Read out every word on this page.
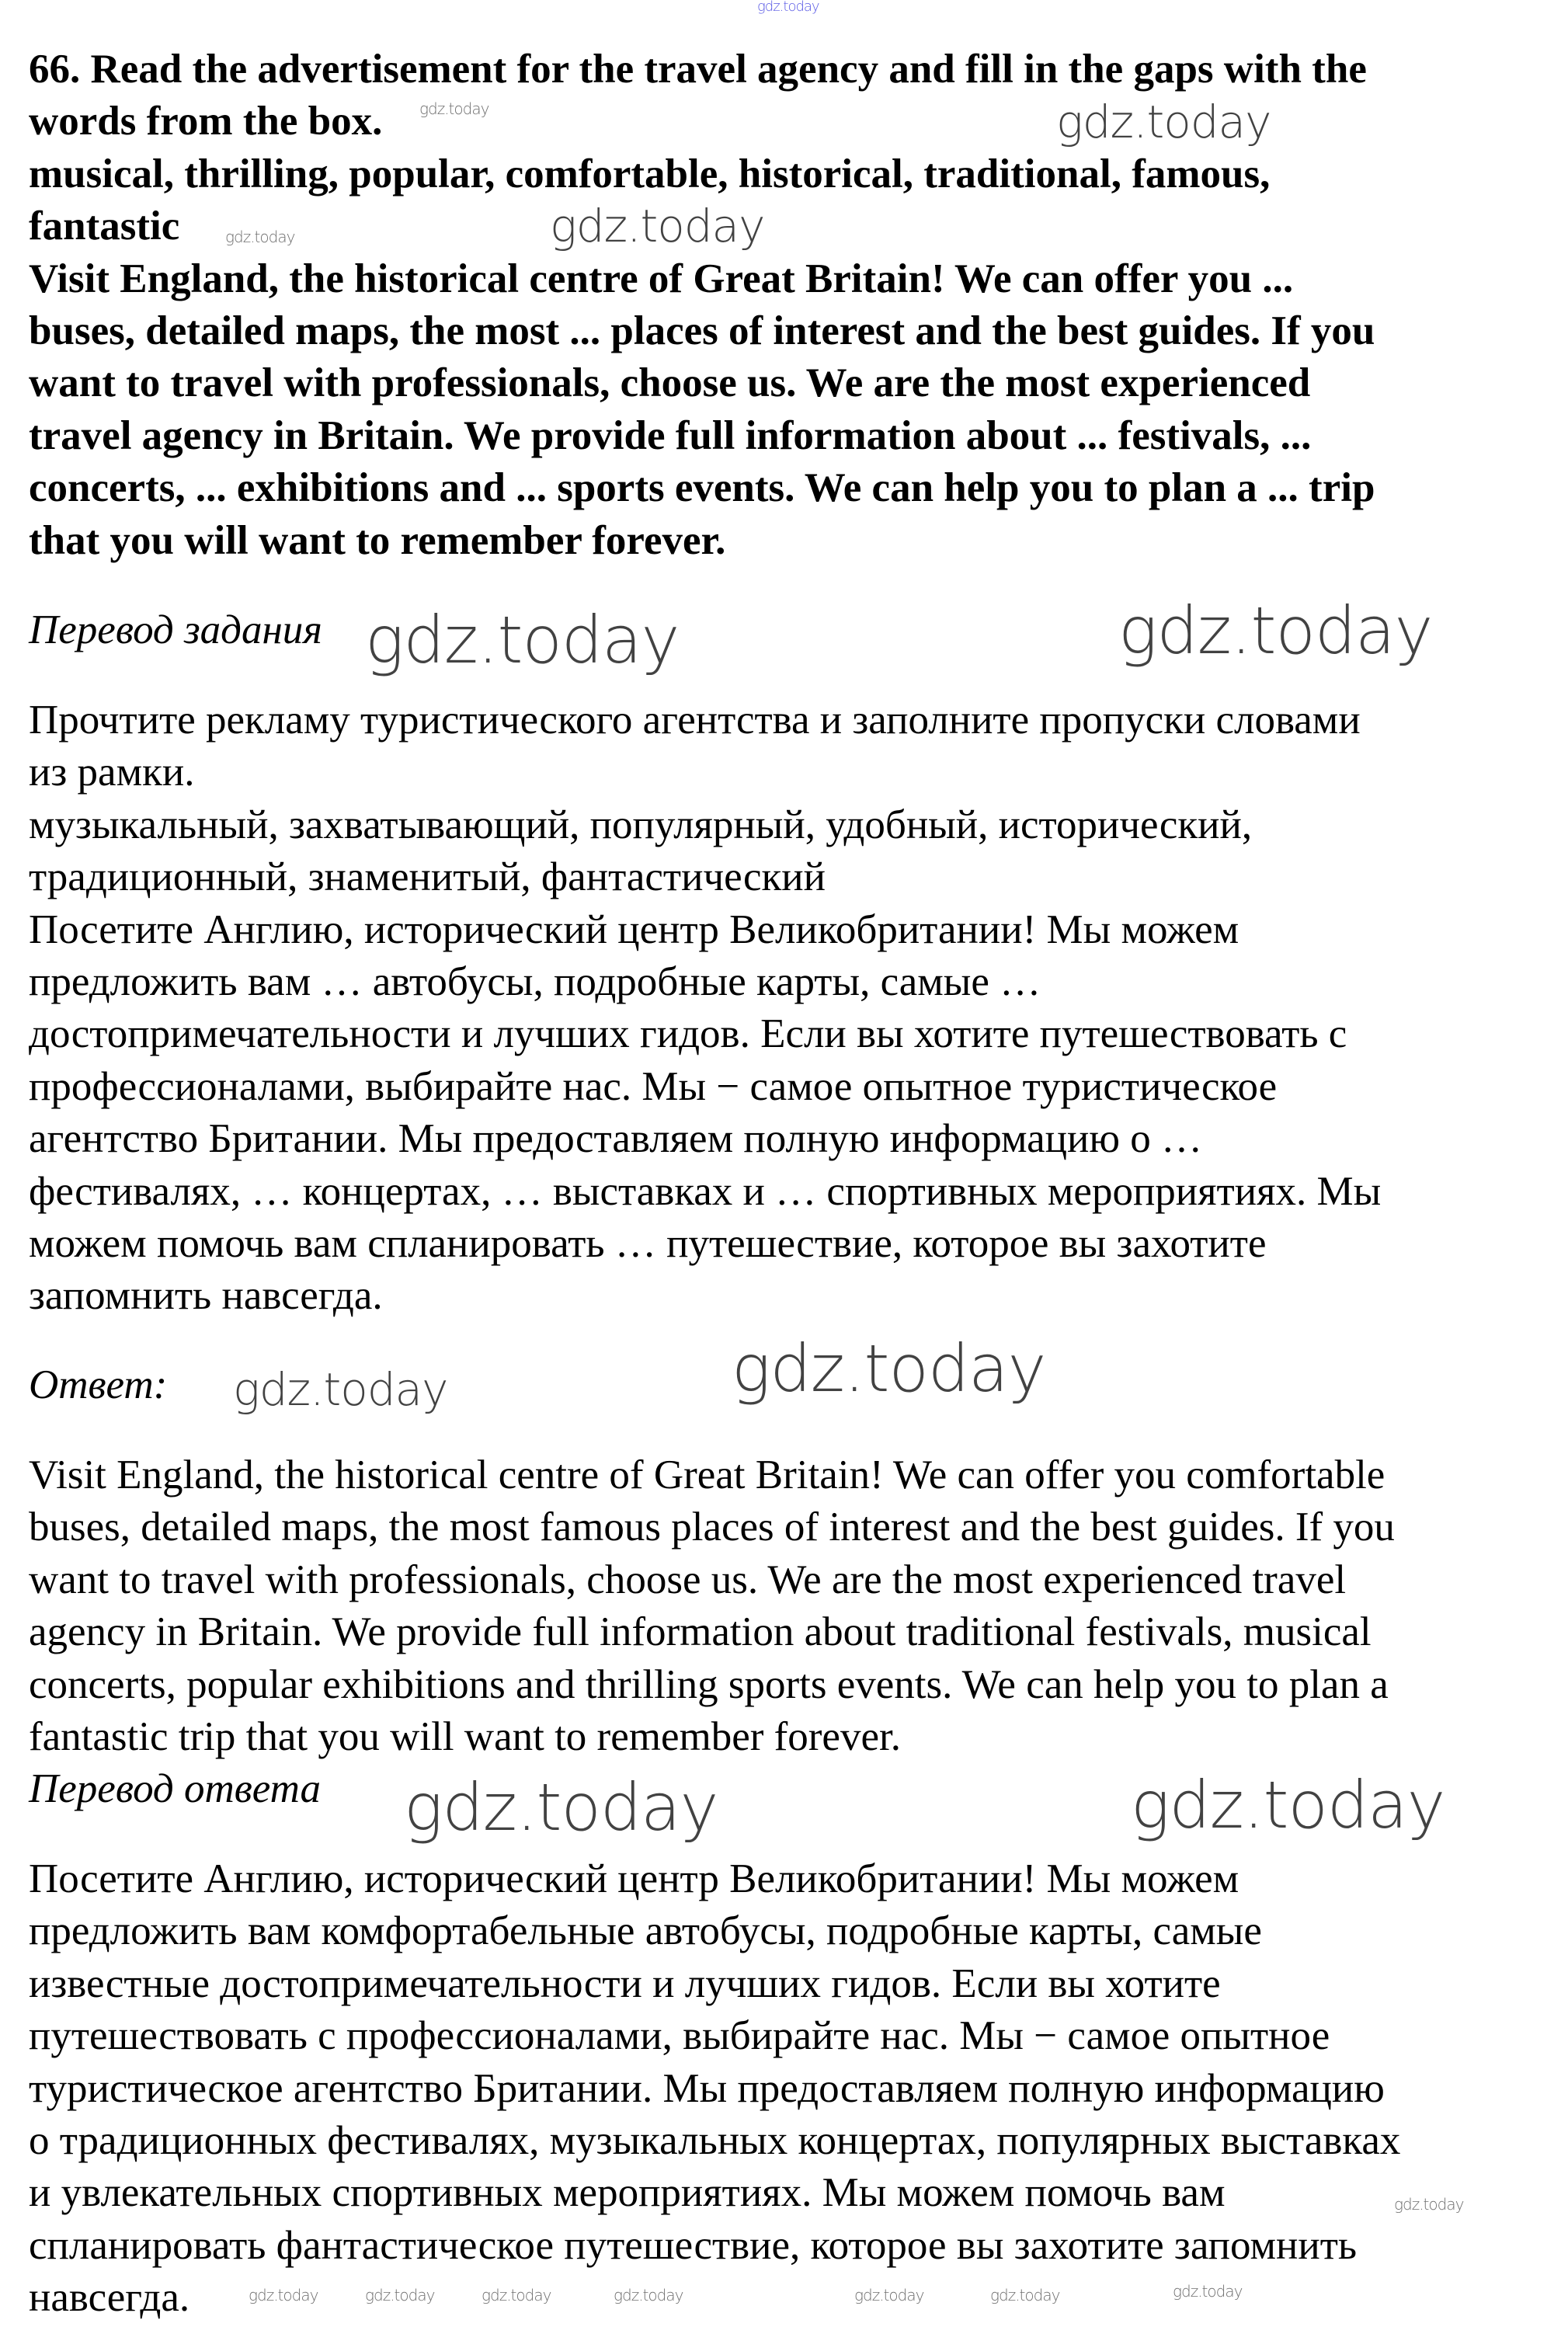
66. Read the advertisement for the travel agency and fill in the gaps with the
words from the box.
musical, thrilling, popular, comfortable, historical, traditional, famous,
fantastic
Visit England, the historical centre of Great Britain! We can offer you ...
buses, detailed maps, the most ... places of interest and the best guides. If you
want to travel with professionals, choose us. We are the most experienced
travel agency in Britain. We provide full information about ... festivals, ...
concerts, ... exhibitions and ... sports events. We can help you to plan a ... trip
that you will want to remember forever.
Прочтите рекламу туристического агентства и заполните пропуски словами
из рамки.
музыкальный, захватывающий, популярный, удобный, исторический,
традиционный, знаменитый, фантастический
Посетите Англию, исторический центр Великобритании! Мы можем
предложить вам … автобусы, подробные карты, самые …
достопримечательности и лучших гидов. Если вы хотите путешествовать с
профессионалами, выбирайте нас. Мы − самое опытное туристическое
агентство Британии. Мы предоставляем полную информацию о …
фестивалях, … концертах, … выставках и … спортивных мероприятиях. Мы
можем помочь вам спланировать … путешествие, которое вы захотите
запомнить навсегда.
Visit England, the historical centre of Great Britain! We can offer you comfortable
buses, detailed maps, the most famous places of interest and the best guides. If you
want to travel with professionals, choose us. We are the most experienced travel
agency in Britain. We provide full information about traditional festivals, musical
concerts, popular exhibitions and thrilling sports events. We can help you to plan a
fantastic trip that you will want to remember forever.
Посетите Англию, исторический центр Великобритании! Мы можем
предложить вам комфортабельные автобусы, подробные карты, самые
известные достопримечательности и лучших гидов. Если вы хотите
путешествовать с профессионалами, выбирайте нас. Мы − самое опытное
туристическое агентство Британии. Мы предоставляем полную информацию
о традиционных фестивалях, музыкальных концертах, популярных выставках
и увлекательных спортивных мероприятиях. Мы можем помочь вам
спланировать фантастическое путешествие, которое вы захотите запомнить
навсегда.
Перевод задания
Ответ:
Перевод ответа
gdz.today
gdz.today	gdz.today
gdz.today
gdz.today
gdz.today	gdz.today
gdz.today
gdz.today
gdz.today	gdz.today
gdz.today
gdz.today
gdz.today	gdz.today	gdz.today	gdz.today	gdz.today	gdz.today
